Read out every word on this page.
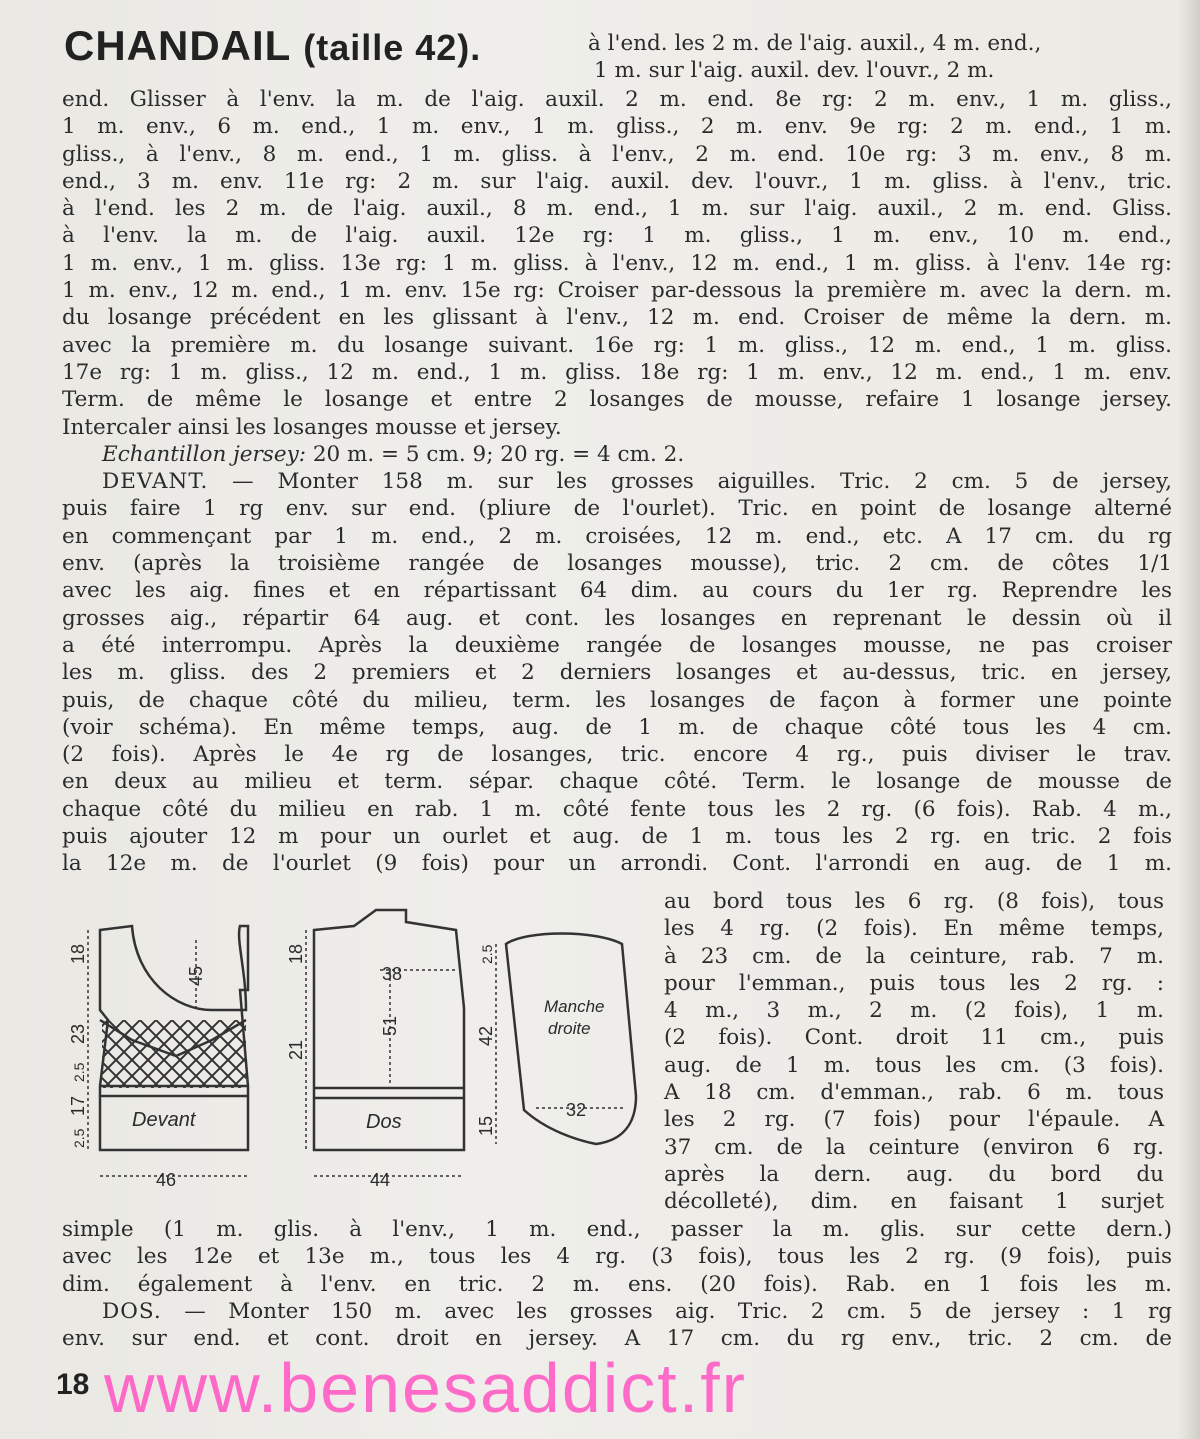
CHANDAIL (taille 42).	à l'end. les 2 m. de l'aig. auxil., 4 m. end.,
1 m. sur l'aig. auxil. dev. l'ouvr., 2 m.
end. Glisser à l'env. la m. de l'aig. auxil. 2 m. end. 8e rg: 2 m. env., 1 m. gliss.,
1 m. env., 6 m. end., 1 m. env., 1 m. gliss., 2 m. env. 9e rg: 2 m. end., 1 m.
gliss., à l'env., 8 m. end., 1 m. gliss. à l'env., 2 m. end. 10e rg: 3 m. env., 8 m.
end., 3 m. env. 11e rg: 2 m. sur l'aig. auxil. dev. l'ouvr., 1 m. gliss. à l'env., tric.
à l'end. les 2 m. de l'aig. auxil., 8 m. end., 1 m. sur l'aig. auxil., 2 m. end. Gliss.
à l'env. la m. de l'aig. auxil. 12e rg: 1 m. gliss., 1 m. env., 10 m. end.,
1 m. env., 1 m. gliss. 13e rg: 1 m. gliss. à l'env., 12 m. end., 1 m. gliss. à l'env. 14e rg:
1 m. env., 12 m. end., 1 m. env. 15e rg: Croiser par-dessous la première m. avec la dern. m.
du losange précédent en les glissant à l'env., 12 m. end. Croiser de même la dern. m.
avec la première m. du losange suivant. 16e rg: 1 m. gliss., 12 m. end., 1 m. gliss.
17e rg: 1 m. gliss., 12 m. end., 1 m. gliss. 18e rg: 1 m. env., 12 m. end., 1 m. env.
Term. de même le losange et entre 2 losanges de mousse, refaire 1 losange jersey.
Intercaler ainsi les losanges mousse et jersey.
Echantillon jersey: 20 m. = 5 cm. 9; 20 rg. = 4 cm. 2.
DEVANT. — Monter 158 m. sur les grosses aiguilles. Tric. 2 cm. 5 de jersey,
puis faire 1 rg env. sur end. (pliure de l'ourlet). Tric. en point de losange alterné
en commençant par 1 m. end., 2 m. croisées, 12 m. end., etc. A 17 cm. du rg
env. (après la troisième rangée de losanges mousse), tric. 2 cm. de côtes 1/1
avec les aig. fines et en répartissant 64 dim. au cours du 1er rg. Reprendre les
grosses aig., répartir 64 aug. et cont. les losanges en reprenant le dessin où il
a été interrompu. Après la deuxième rangée de losanges mousse, ne pas croiser
les m. gliss. des 2 premiers et 2 derniers losanges et au-dessus, tric. en jersey,
puis, de chaque côté du milieu, term. les losanges de façon à former une pointe
(voir schéma). En même temps, aug. de 1 m. de chaque côté tous les 4 cm.
(2 fois). Après le 4e rg de losanges, tric. encore 4 rg., puis diviser le trav.
en deux au milieu et term. sépar. chaque côté. Term. le losange de mousse de
chaque côté du milieu en rab. 1 m. côté fente tous les 2 rg. (6 fois). Rab. 4 m.,
puis ajouter 12 m pour un ourlet et aug. de 1 m. tous les 2 rg. en tric. 2 fois
la 12e m. de l'ourlet (9 fois) pour un arrondi. Cont. l'arrondi en aug. de 1 m.
au bord tous les 6 rg. (8 fois), tous
les 4 rg. (2 fois). En même temps,
à 23 cm. de la ceinture, rab. 7 m.
pour l'emman., puis tous les 2 rg. :
4 m., 3 m., 2 m. (2 fois), 1 m.
(2 fois). Cont. droit 11 cm., puis
aug. de 1 m. tous les cm. (3 fois).
A 18 cm. d'emman., rab. 6 m. tous
les 2 rg. (7 fois) pour l'épaule. A
37 cm. de la ceinture (environ 6 rg.
après la dern. aug. du bord du
décolleté), dim. en faisant 1 surjet
Devant	Dos
Manche
droite
46	44
38
32
18
23
2.5
17
2.5
45
18
21
51
2.5
42
15
simple (1 m. glis. à l'env., 1 m. end., passer la m. glis. sur cette dern.)
avec les 12e et 13e m., tous les 4 rg. (3 fois), tous les 2 rg. (9 fois), puis
dim. également à l'env. en tric. 2 m. ens. (20 fois). Rab. en 1 fois les m.
DOS. — Monter 150 m. avec les grosses aig. Tric. 2 cm. 5 de jersey : 1 rg
env. sur end. et cont. droit en jersey. A 17 cm. du rg env., tric. 2 cm. de

18 www.benesaddict.fr
